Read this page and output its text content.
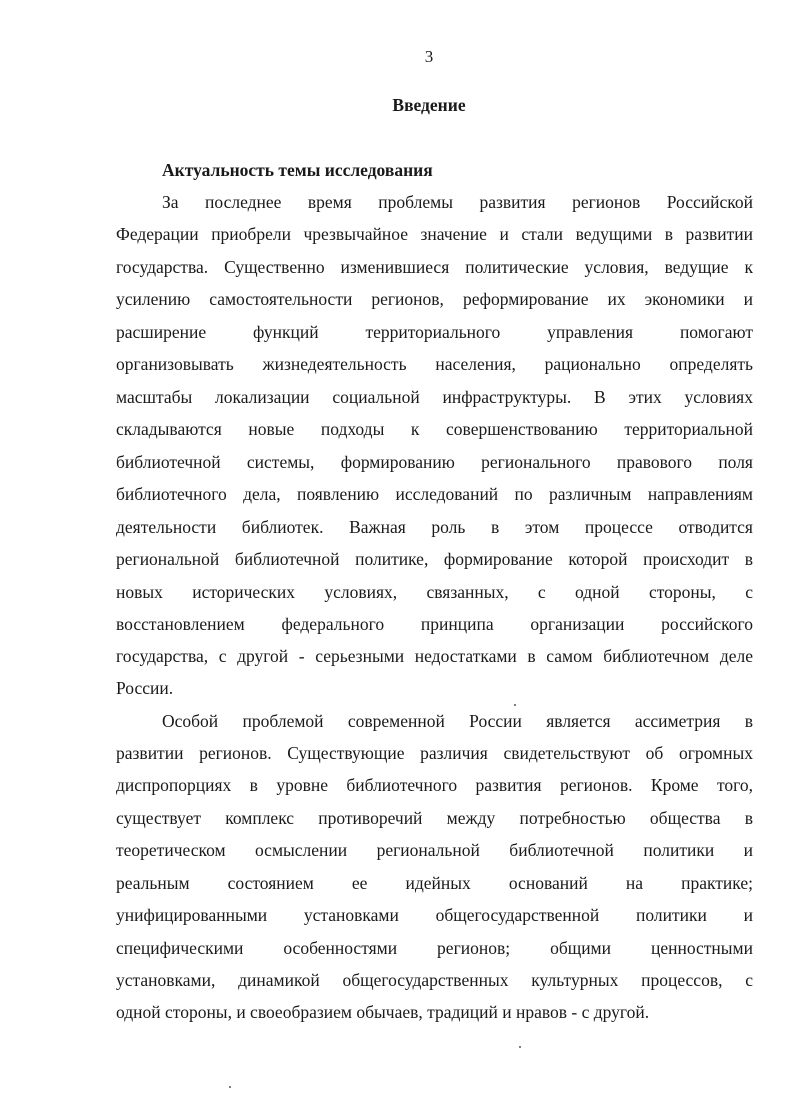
3
Введение
Актуальность темы исследования
За последнее время проблемы развития регионов Российской
Федерации приобрели чрезвычайное значение и стали ведущими в развитии
государства. Существенно изменившиеся политические условия, ведущие к
усилению самостоятельности регионов, реформирование их экономики и
расширение функций территориального управления помогают
организовывать жизнедеятельность населения, рационально определять
масштабы локализации социальной инфраструктуры. В этих условиях
складываются новые подходы к совершенствованию территориальной
библиотечной системы, формированию регионального правового поля
библиотечного дела, появлению исследований по различным направлениям
деятельности библиотек. Важная роль в этом процессе отводится
региональной библиотечной политике, формирование которой происходит в
новых исторических условиях, связанных, с одной стороны, с
восстановлением федерального принципа организации российского
государства, с другой - серьезными недостатками в самом библиотечном деле
России.
Особой проблемой современной России является ассиметрия в
развитии регионов. Существующие различия свидетельствуют об огромных
диспропорциях в уровне библиотечного развития регионов. Кроме того,
существует комплекс противоречий между потребностью общества в
теоретическом осмыслении региональной библиотечной политики и
реальным состоянием ее идейных оснований на практике;
унифицированными установками общегосударственной политики и
специфическими особенностями регионов; общими ценностными
установками, динамикой общегосударственных культурных процессов, с
одной стороны, и своеобразием обычаев, традиций и нравов - с другой.
